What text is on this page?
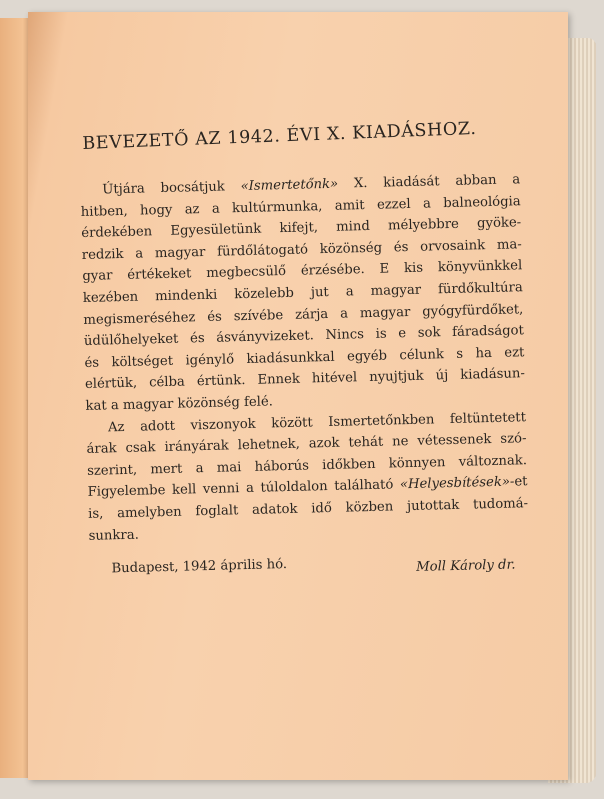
BEVEZETŐ AZ 1942. ÉVI X. KIADÁSHOZ.
Útjára bocsátjuk «Ismertetőnk» X. kiadását abban a
hitben, hogy az a kultúrmunka, amit ezzel a balneológia
érdekében Egyesületünk kifejt, mind mélyebbre gyöke-
redzik a magyar fürdőlátogató közönség és orvosaink ma-
gyar értékeket megbecsülő érzésébe. E kis könyvünkkel
kezében mindenki közelebb jut a magyar fürdőkultúra
megismeréséhez és szívébe zárja a magyar gyógyfürdőket,
üdülőhelyeket és ásványvizeket. Nincs is e sok fáradságot
és költséget igénylő kiadásunkkal egyéb célunk s ha ezt
elértük, célba értünk. Ennek hitével nyujtjuk új kiadásun-
kat a magyar közönség felé.
Az adott viszonyok között Ismertetőnkben feltüntetett
árak csak irányárak lehetnek, azok tehát ne vétessenek szó-
szerint, mert a mai háborús időkben könnyen változnak.
Figyelembe kell venni a túloldalon található «Helyesbítések»-et
is, amelyben foglalt adatok idő közben jutottak tudomá-
sunkra.
Budapest, 1942 április hó.	Moll Károly dr.
